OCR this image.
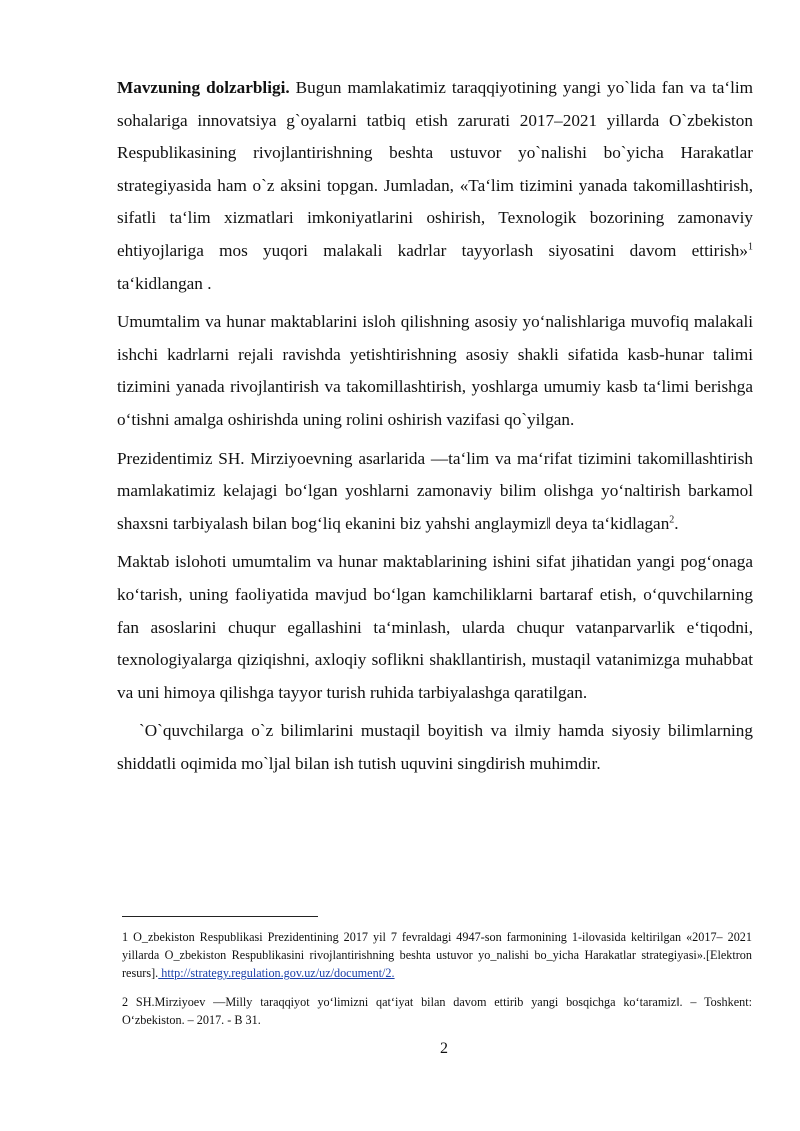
Mavzuning dolzarbligi. Bugun mamlakatimiz taraqqiyotining yangi yo`lida fan va ta‘lim sohalariga innovatsiya g`oyalarni tatbiq etish zarurati 2017–2021 yillarda O`zbekiston Respublikasining rivojlantirishning beshta ustuvor yo`nalishi bo`yicha Harakatlar strategiyasida ham o`z aksini topgan. Jumladan, «Ta‘lim tizimini yanada takomillashtirish, sifatli ta‘lim xizmatlari imkoniyatlarini oshirish, Texnologik bozorining zamonaviy ehtiyojlariga mos yuqori malakali kadrlar tayyorlash siyosatini davom ettirish»$^1$ ta‘kidlangan .

Umumtalim va hunar maktablarini isloh qilishning asosiy yo‘nalishlariga muvofiq malakali ishchi kadrlarni rejali ravishda yetishtirishning asosiy shakli sifatida kasb-hunar talimi tizimini yanada rivojlantirish va takomillashtirish, yoshlarga umumiy kasb ta‘limi berishga o‘tishni amalga oshirishda uning rolini oshirish vazifasi qo`yilgan.

Prezidentimiz SH. Mirziyoevning asarlarida ―ta‘lim va ma‘rifat tizimini takomillashtirish mamlakatimiz kelajagi bo‘lgan yoshlarni zamonaviy bilim olishga yo‘naltirish barkamol shaxsni tarbiyalash bilan bog‘liq ekanini biz yahshi anglaymiz‖ deya ta‘kidlagan$^2$.

Maktab islohoti umumtalim va hunar maktablarining ishini sifat jihatidan yangi pog‘onaga ko‘tarish, uning faoliyatida mavjud bo‘lgan kamchiliklarni bartaraf etish, o‘quvchilarning fan asoslarini chuqur egallashini ta‘minlash, ularda chuqur vatanparvarlik e‘tiqodni, texnologiyalarga qiziqishni, axloqiy soflikni shakllantirish, mustaqil vatanimizga muhabbat va uni himoya qilishga tayyor turish ruhida tarbiyalashga qaratilgan.

`O`quvchilarga o`z bilimlarini mustaqil boyitish va ilmiy hamda siyosiy bilimlarning shiddatli oqimida mo`ljal bilan ish tutish uquvini singdirish muhimdir.

1 O_zbekiston Respublikasi Prezidentining 2017 yil 7 fevraldagi 4947-son farmonining 1-ilovasida keltirilgan «2017– 2021 yillarda O_zbekiston Respublikasini rivojlantirishning beshta ustuvor yo_nalishi bo_yicha Harakatlar strategiyasi».[Elektron resurs]. http://strategy.regulation.gov.uz/uz/document/2.

2 SH.Mirziyoev ―Milly taraqqiyot yo‘limizni qat‘iyat bilan davom ettirib yangi bosqichga ko‘taramiz‖. – Toshkent: O‘zbekiston. – 2017. - B 31.

2
